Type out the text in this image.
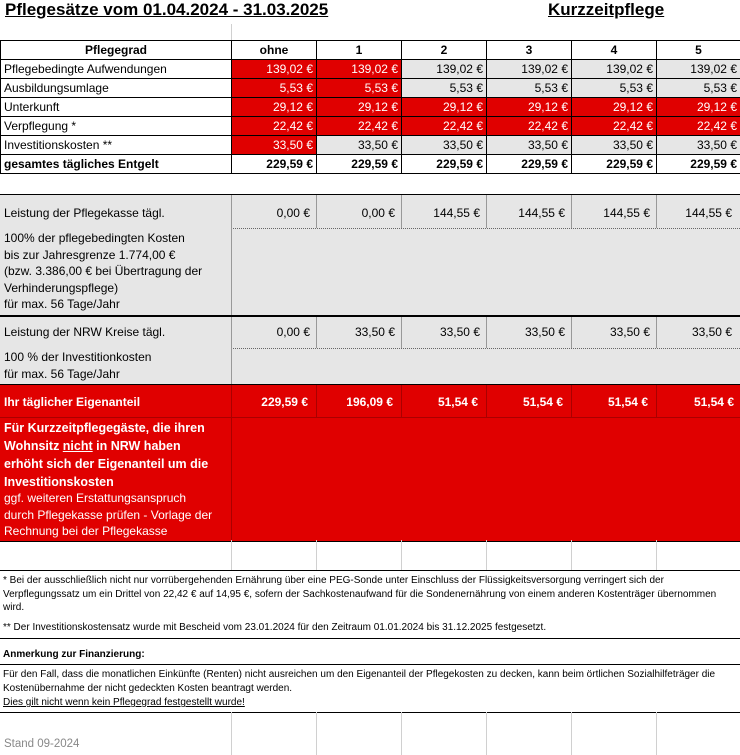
Pflegesätze vom 01.04.2024 - 31.03.2025	Kurzzeitpflege
Pflegegrad	ohne	1	2	3	4	5
Pflegebedingte Aufwendungen	139,02 €	139,02 €	139,02 €	139,02 €	139,02 €	139,02 €
Ausbildungsumlage	5,53 €	5,53 €	5,53 €	5,53 €	5,53 €	5,53 €
Unterkunft	29,12 €	29,12 €	29,12 €	29,12 €	29,12 €	29,12 €
Verpflegung *	22,42 €	22,42 €	22,42 €	22,42 €	22,42 €	22,42 €
Investitionskosten **	33,50 €	33,50 €	33,50 €	33,50 €	33,50 €	33,50 €
gesamtes tägliches Entgelt	229,59 €	229,59 €	229,59 €	229,59 €	229,59 €	229,59 €
Leistung der Pflegekasse tägl.	0,00 €	0,00 €	144,55 €	144,55 €	144,55 €	144,55 €
100% der pflegebedingten Kosten
bis zur Jahresgrenze 1.774,00 €
(bzw. 3.386,00 € bei Übertragung der
Verhinderungspflege)
für max. 56 Tage/Jahr
Leistung der NRW Kreise tägl.	0,00 €	33,50 €	33,50 €	33,50 €	33,50 €	33,50 €
100 % der Investitionkosten
für max. 56 Tage/Jahr
Ihr täglicher Eigenanteil	229,59 €	196,09 €	51,54 €	51,54 €	51,54 €	51,54 €
Für Kurzzeitpflegegäste, die ihren
Wohnsitz nicht in NRW haben
erhöht sich der Eigenanteil um die
Investitionskosten
ggf. weiteren Erstattungsanspruch
durch Pflegekasse prüfen - Vorlage der
Rechnung bei der Pflegekasse
* Bei der ausschließlich nicht nur vorrübergehenden Ernährung über eine PEG-Sonde unter Einschluss der Flüssigkeitsversorgung verringert sich der Verpflegungssatz um ein Drittel von 22,42 € auf 14,95 €, sofern der Sachkostenaufwand für die Sondenernährung von einem anderen Kostenträger übernommen wird.
** Der Investitionskostensatz wurde mit Bescheid vom 23.01.2024 für den Zeitraum 01.01.2024 bis 31.12.2025 festgesetzt.
Anmerkung zur Finanzierung:
Für den Fall, dass die monatlichen Einkünfte (Renten) nicht ausreichen um den Eigenanteil der Pflegekosten zu decken, kann beim örtlichen Sozialhilfeträger die Kostenübernahme der nicht gedeckten Kosten beantragt werden.
Dies gilt nicht wenn kein Pflegegrad festgestellt wurde!
Stand 09-2024
